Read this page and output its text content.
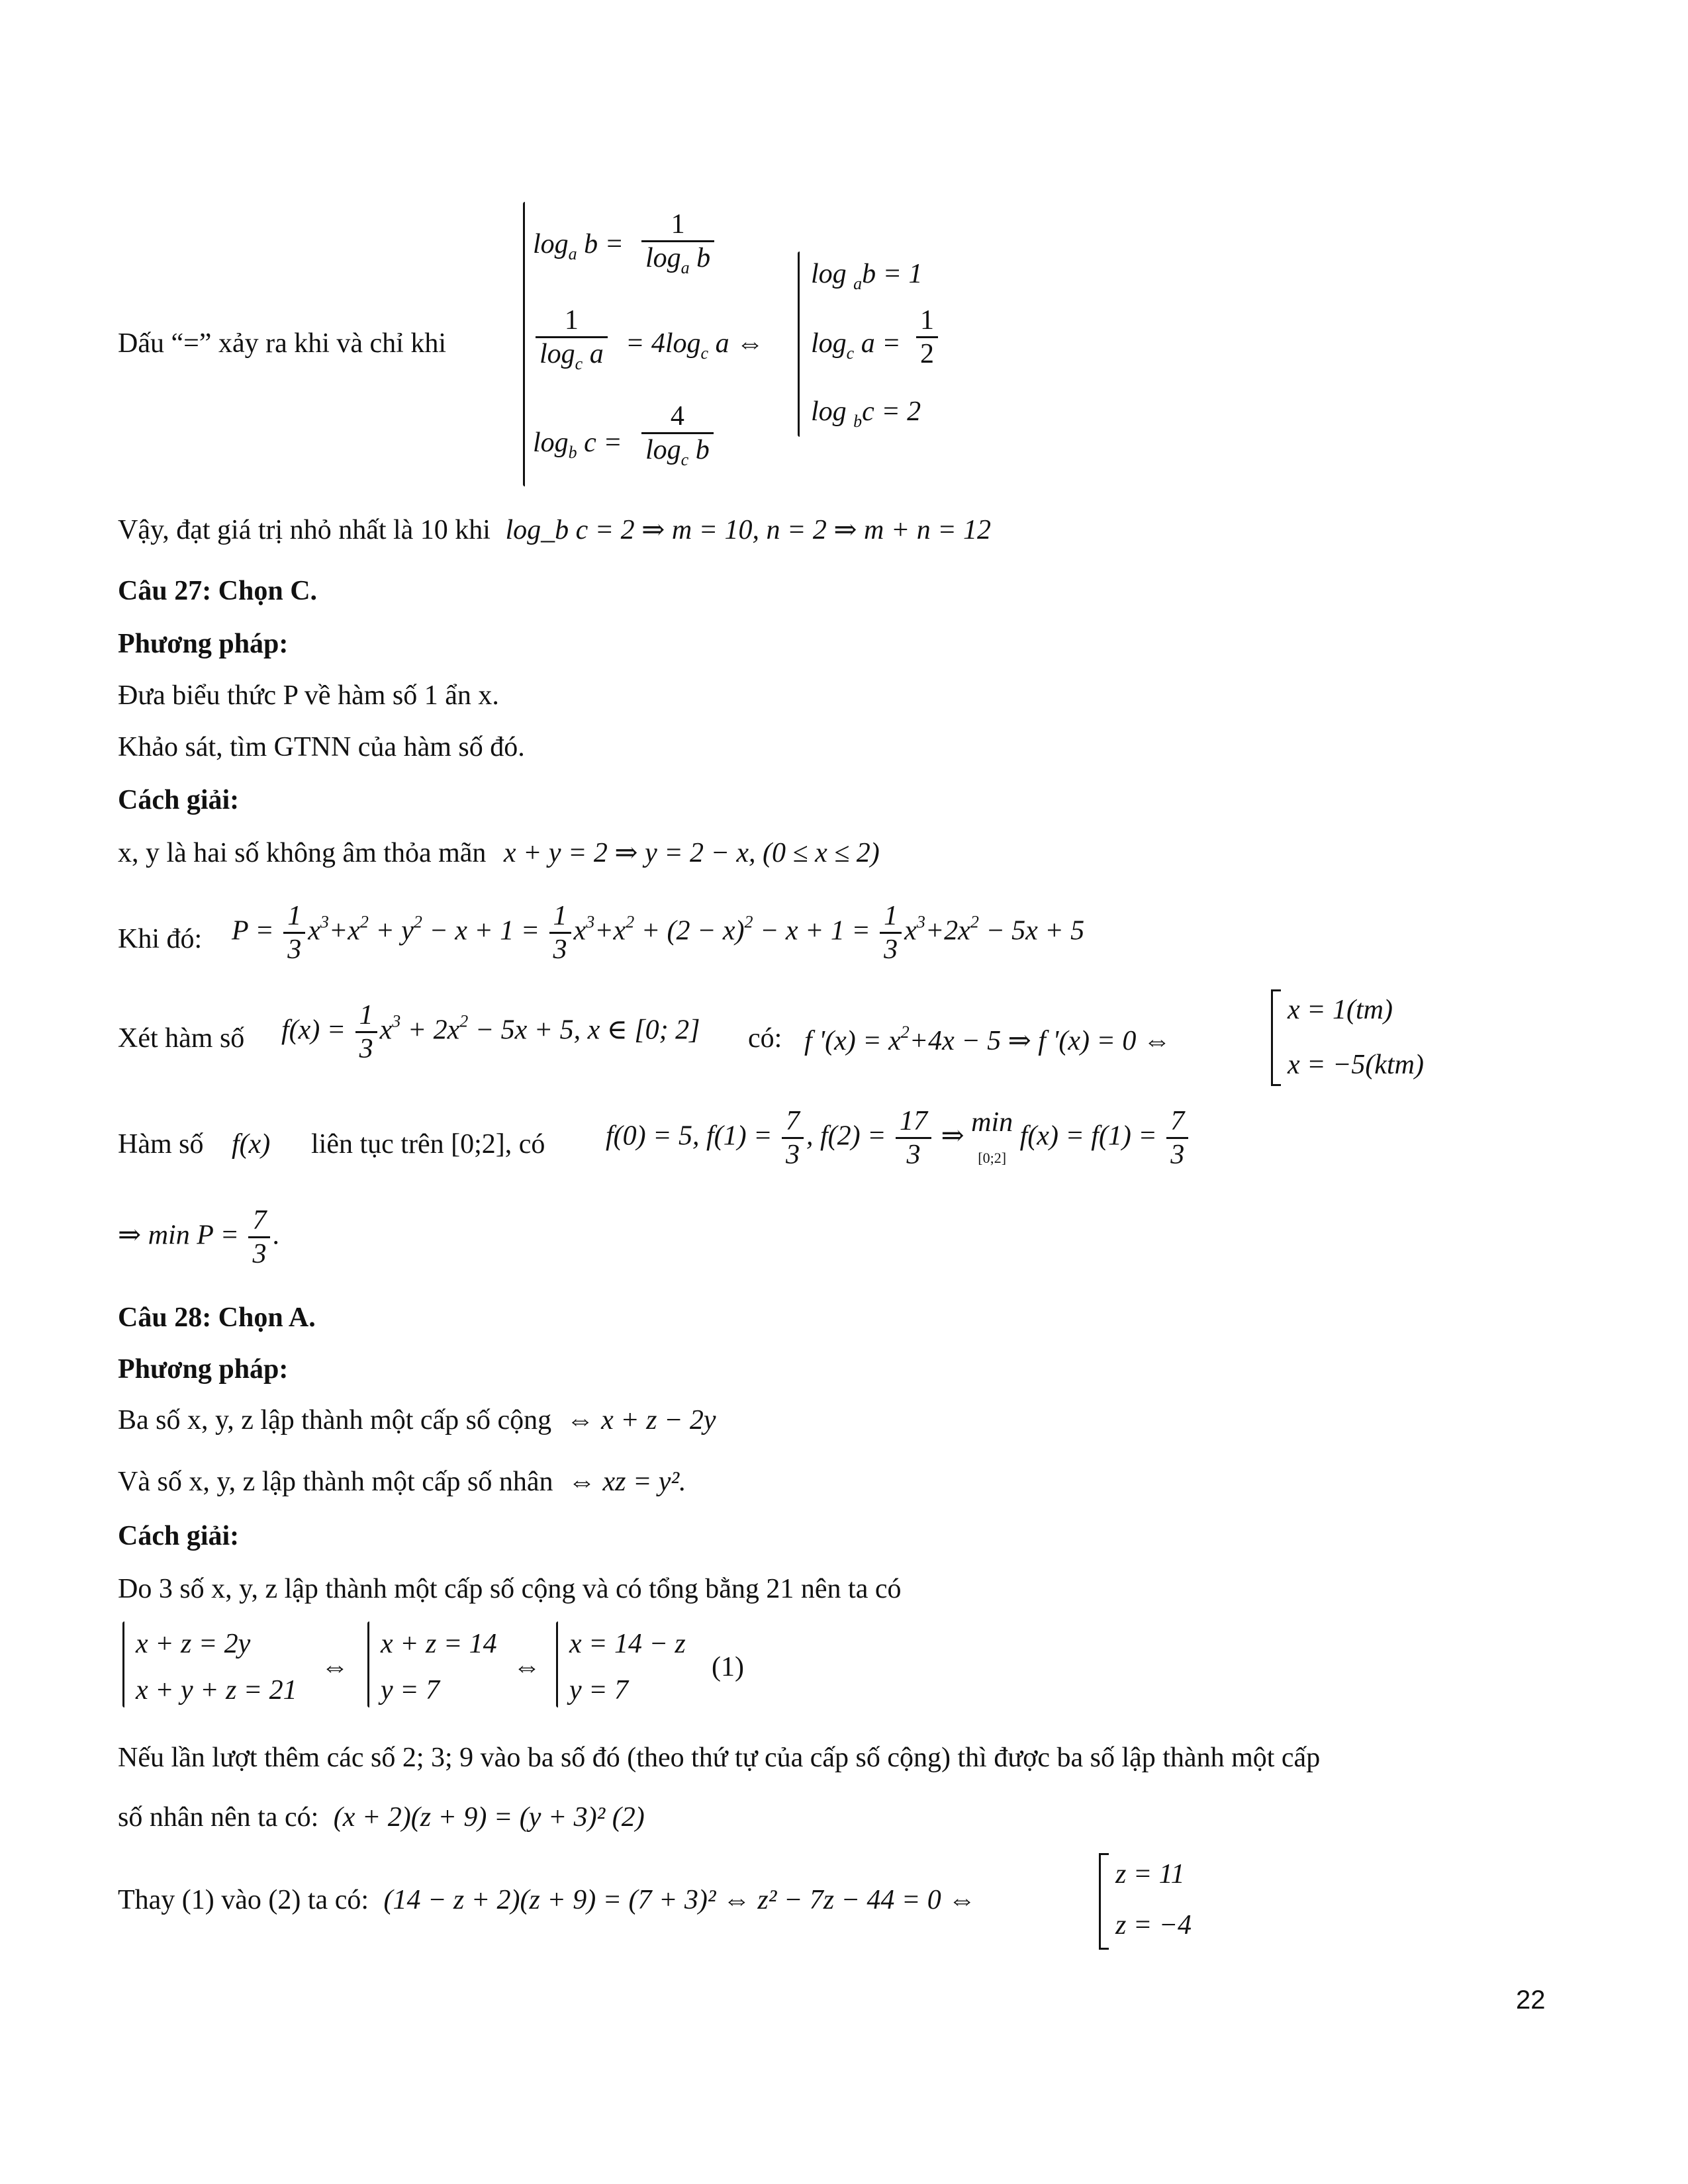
Dấu “=” xảy ra khi và chỉ khi
$\log_a b = \frac{1}{\log_a b}$
$\frac{1}{\log_c a} = 4\log_c$ a ⇔
$\log_b c = \frac{4}{\log_c b}$
log $_a$b = 1
$\log_c a = \frac{1}{2}$
log $_b$c = 2
Vậy, đạt giá trị nhỏ nhất là 10 khi log_b c = 2 ⇒ m = 10, n = 2 ⇒ m + n = 12
Câu 27: Chọn C.
Phương pháp:
Đưa biểu thức P về hàm số 1 ẩn x.
Khảo sát, tìm GTNN của hàm số đó.
Cách giải:
x, y là hai số không âm thỏa mãn x + y = 2 ⇒ y = 2 − x, (0 ≤ x ≤ 2)
Khi đó: $P = \frac{1}{3} x^3+x^2 + y^2 - x + 1 = \frac{1}{3} x^3+x^2 + (2 - x)^2 - x + 1 = \frac{1}{3} x^3+2x^2 - 5x + 5$
Xét hàm số $f(x) = \frac{1}{3} x^3 + 2x^2 - 5x + 5$, x ∈ [0; 2] có: f '$(x) = x^2+4x - 5$ ⇒ f '(x) = 0 ⇔
x = 1(tm)
x = −5(ktm)
Hàm số f(x) liên tục trên [0;2], có f(0) = 5, $f(1) = \frac{7}{3}$ , $f(2) = \frac{17}{3}$ ⇒ min
[0;2] $f(x) = f(1) = \frac{7}{3}$
⇒ $\min P = \frac{7}{3}$ .
Câu 28: Chọn A.
Phương pháp:
Ba số x, y, z lập thành một cấp số cộng ⇔ x + z − 2y
Và số x, y, z lập thành một cấp số nhân ⇔ xz = y².
Cách giải:
Do 3 số x, y, z lập thành một cấp số cộng và có tổng bằng 21 nên ta có
x + z = 2y
x + y + z = 21
⇔
x + z = 14
y = 7
⇔
x = 14 − z
y = 7
(1)
Nếu lần lượt thêm các số 2; 3; 9 vào ba số đó (theo thứ tự của cấp số cộng) thì được ba số lập thành một cấp
số nhân nên ta có: (x + 2)(z + 9) = (y + 3)² (2)
Thay (1) vào (2) ta có: (14 − z + 2)(z + 9) = (7 + 3)² ⇔ z² − 7z − 44 = 0 ⇔
z = 11
z = −4
22
